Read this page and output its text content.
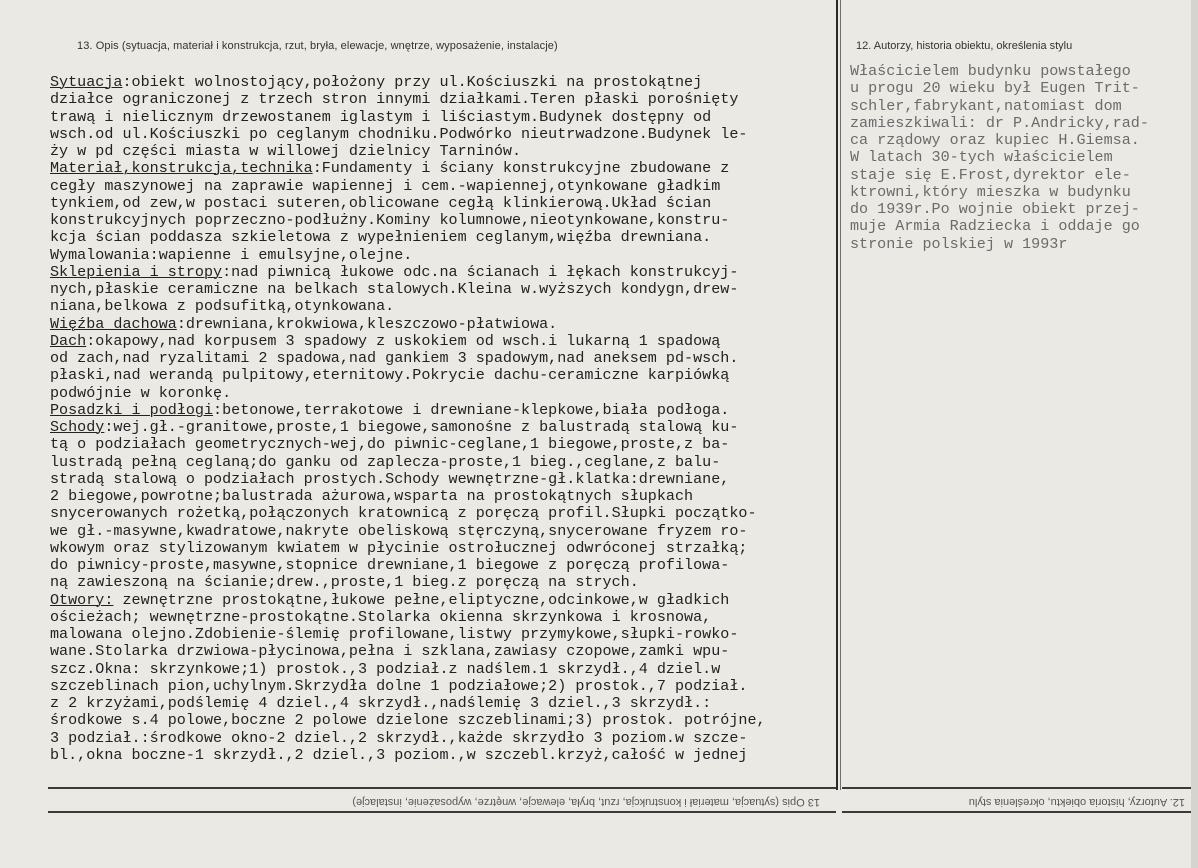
13. Opis (sytuacja, materiał i konstrukcja, rzut, bryła, elewacje, wnętrze, wyposażenie, instalacje)	12. Autorzy, historia obiektu, określenia stylu
Sytuacja:obiekt wolnostojący,położony przy ul.Kościuszki na prostokątnej
działce ograniczonej z trzech stron innymi działkami.Teren płaski porośnięty
trawą i nielicznym drzewostanem iglastym i liściastym.Budynek dostępny od
wsch.od ul.Kościuszki po ceglanym chodniku.Podwórko nieutrwadzone.Budynek le-
ży w pd części miasta w willowej dzielnicy Tarninów.
Materiał,konstrukcja,technika:Fundamenty i ściany konstrukcyjne zbudowane z
cegły maszynowej na zaprawie wapiennej i cem.-wapiennej,otynkowane gładkim
tynkiem,od zew,w postaci suteren,oblicowane cegłą klinkierową.Układ ścian
konstrukcyjnych poprzeczno-podłużny.Kominy kolumnowe,nieotynkowane,konstru-
kcja ścian poddasza szkieletowa z wypełnieniem ceglanym,więźba drewniana.
Wymalowania:wapienne i emulsyjne,olejne.
Sklepienia i stropy:nad piwnicą łukowe odc.na ścianach i łękach konstrukcyj-
nych,płaskie ceramiczne na belkach stalowych.Kleina w.wyższych kondygn,drew-
niana,belkowa z podsufitką,otynkowana.
Więźba dachowa:drewniana,krokwiowa,kleszczowo-płatwiowa.
Dach:okapowy,nad korpusem 3 spadowy z uskokiem od wsch.i lukarną 1 spadową
od zach,nad ryzalitami 2 spadowa,nad gankiem 3 spadowym,nad aneksem pd-wsch.
płaski,nad werandą pulpitowy,eternitowy.Pokrycie dachu-ceramiczne karpiówką
podwójnie w koronkę.
Posadzki i podłogi:betonowe,terrakotowe i drewniane-klepkowe,biała podłoga.
Schody:wej.gł.-granitowe,proste,1 biegowe,samonośne z balustradą stalową ku-
tą o podziałach geometrycznych-wej,do piwnic-ceglane,1 biegowe,proste,z ba-
lustradą pełną ceglaną;do ganku od zaplecza-proste,1 bieg.,ceglane,z balu-
stradą stalową o podziałach prostych.Schody wewnętrzne-gł.klatka:drewniane,
2 biegowe,powrotne;balustrada ażurowa,wsparta na prostokątnych słupkach
snycerowanych rożetką,połączonych kratownicą z poręczą profil.Słupki początko-
we gł.-masywne,kwadratowe,nakryte obeliskową stęrczyną,snycerowane fryzem ro-
wkowym oraz stylizowanym kwiatem w płycinie ostrołucznej odwróconej strzałką;
do piwnicy-proste,masywne,stopnice drewniane,1 biegowe z poręczą profilowa-
ną zawieszoną na ścianie;drew.,proste,1 bieg.z poręczą na strych.
Otwory: zewnętrzne prostokątne,łukowe pełne,eliptyczne,odcinkowe,w gładkich
ościeżach; wewnętrzne-prostokątne.Stolarka okienna skrzynkowa i krosnowa,
malowana olejno.Zdobienie-ślemię profilowane,listwy przymykowe,słupki-rowko-
wane.Stolarka drzwiowa-płycinowa,pełna i szklana,zawiasy czopowe,zamki wpu-
szcz.Okna: skrzynkowe;1) prostok.,3 podział.z nadślem.1 skrzydł.,4 dziel.w
szczeblinach pion,uchylnym.Skrzydła dolne 1 podziałowe;2) prostok.,7 podział.
z 2 krzyżami,podślemię 4 dziel.,4 skrzydł.,nadślemię 3 dziel.,3 skrzydł.:
środkowe s.4 polowe,boczne 2 polowe dzielone szczeblinami;3) prostok. potrójne,
3 podział.:środkowe okno-2 dziel.,2 skrzydł.,każde skrzydło 3 poziom.w szcze-
bl.,okna boczne-1 skrzydł.,2 dziel.,3 poziom.,w szczebl.krzyż,całość w jednej
Właścicielem budynku powstałego
u progu 20 wieku był Eugen Trit-
schler,fabrykant,natomiast dom
zamieszkiwali: dr P.Andricky,rad-
ca rządowy oraz kupiec H.Giemsa.
W latach 30-tych właścicielem
staje się E.Frost,dyrektor ele-
ktrowni,który mieszka w budynku
do 1939r.Po wojnie obiekt przej-
muje Armia Radziecka i oddaje go
stronie polskiej w 1993r
13 Opis (sytuacja, materiał i konstrukcja, rzut, bryła, elewacje, wnętrze, wyposażenie, instalacje)	12. Autorzy, historia obiektu, określenia stylu
